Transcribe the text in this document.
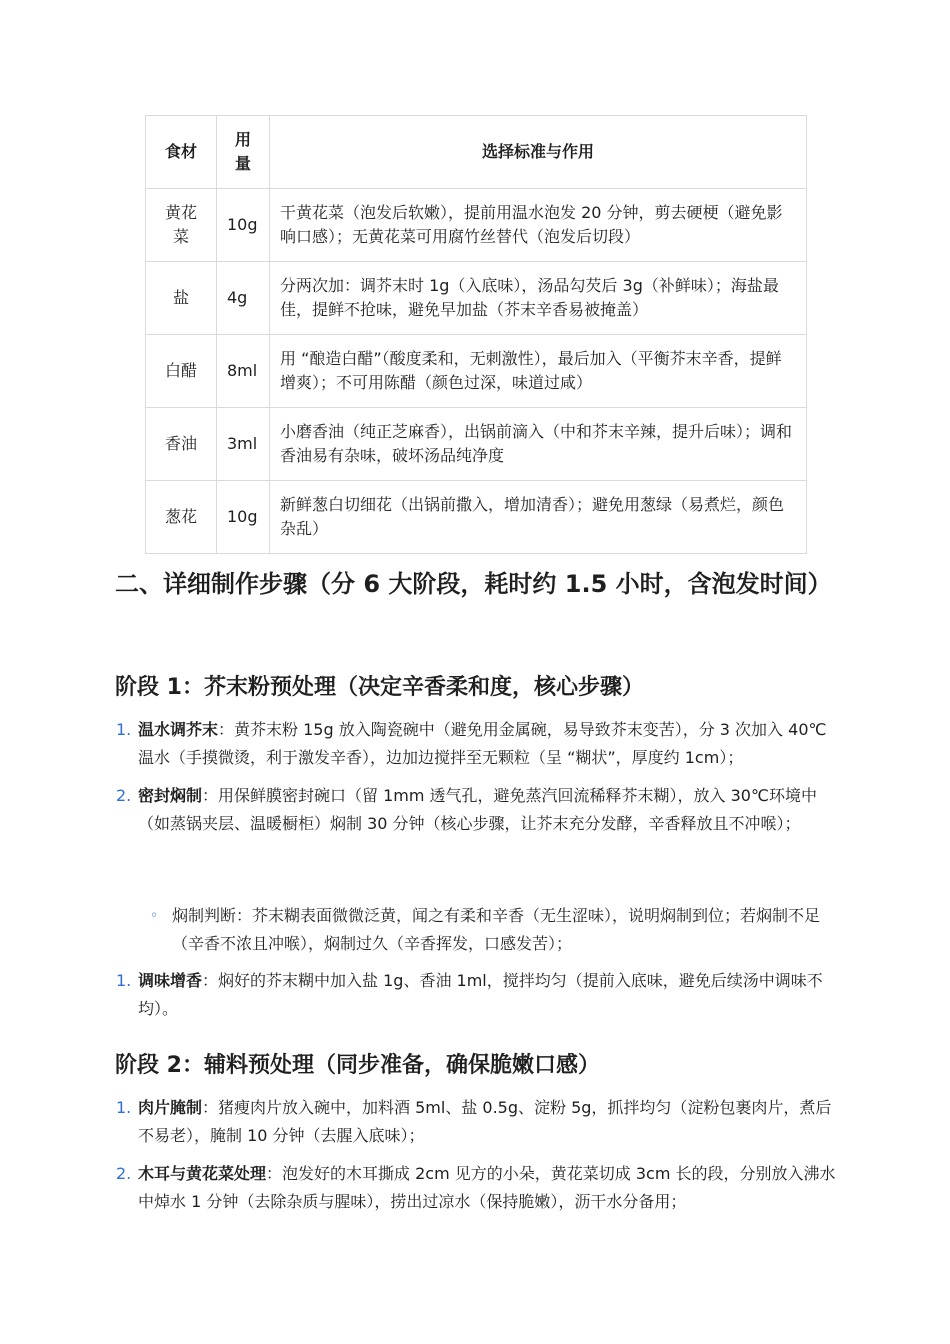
食材	用量	选择标准与作用
黄花菜	10g	干黄花菜（泡发后软嫩），提前用温水泡发 20 分钟，剪去硬梗（避免影响口感）；无黄花菜可用腐竹丝替代（泡发后切段）
盐	4g	分两次加：调芥末时 1g（入底味），汤品勾芡后 3g（补鲜味）；海盐最佳，提鲜不抢味，避免早加盐（芥末辛香易被掩盖）
白醋	8ml	用 “酿造白醋”（酸度柔和，无刺激性），最后加入（平衡芥末辛香，提鲜增爽）；不可用陈醋（颜色过深，味道过咸）
香油	3ml	小磨香油（纯正芝麻香），出锅前滴入（中和芥末辛辣，提升后味）；调和香油易有杂味，破坏汤品纯净度
葱花	10g	新鲜葱白切细花（出锅前撒入，增加清香）；避免用葱绿（易煮烂，颜色杂乱）
二、详细制作步骤（分 6 大阶段，耗时约 1.5 小时，含泡发时间）
阶段 1：芥末粉预处理（决定辛香柔和度，核心步骤）
1. 温水调芥末：黄芥末粉 15g 放入陶瓷碗中（避免用金属碗，易导致芥末变苦），分 3 次加入 40℃温水（手摸微烫，利于激发辛香），边加边搅拌至无颗粒（呈 “糊状”，厚度约 1cm）；
2. 密封焖制：用保鲜膜密封碗口（留 1mm 透气孔，避免蒸汽回流稀释芥末糊），放入 30℃环境中（如蒸锅夹层、温暖橱柜）焖制 30 分钟（核心步骤，让芥末充分发酵，辛香释放且不冲喉）；
◦ 焖制判断：芥末糊表面微微泛黄，闻之有柔和辛香（无生涩味），说明焖制到位；若焖制不足（辛香不浓且冲喉），焖制过久（辛香挥发，口感发苦）；
1. 调味增香：焖好的芥末糊中加入盐 1g、香油 1ml，搅拌均匀（提前入底味，避免后续汤中调味不均）。
阶段 2：辅料预处理（同步准备，确保脆嫩口感）
1. 肉片腌制：猪瘦肉片放入碗中，加料酒 5ml、盐 0.5g、淀粉 5g，抓拌均匀（淀粉包裹肉片，煮后不易老），腌制 10 分钟（去腥入底味）；
2. 木耳与黄花菜处理：泡发好的木耳撕成 2cm 见方的小朵，黄花菜切成 3cm 长的段，分别放入沸水中焯水 1 分钟（去除杂质与腥味），捞出过凉水（保持脆嫩），沥干水分备用；
